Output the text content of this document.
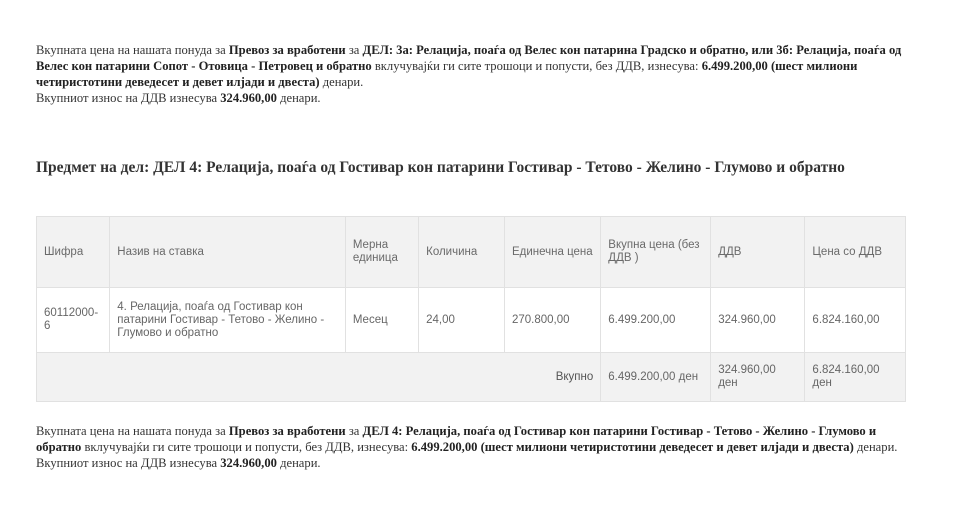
Вкупната цена на нашата понуда за Превоз за вработени за ДЕЛ: 3а: Релација, поаѓа од Велес кон патарина Градско и обратно, или 3б: Релација, поаѓа од Велес кон патарини Сопот - Отовица - Петровец и обратно вклучувајќи ги сите трошоци и попусти, без ДДВ, изнесува: 6.499.200,00 (шест милиони четиристотини деведесет и девет илјади и двеста) денари.
Вкупниот износ на ДДВ изнесува 324.960,00 денари.
Предмет на дел: ДЕЛ 4: Релација, поаѓа од Гостивар кон патарини Гостивар - Тетово - Желино - Глумово и обратно
Шифра	Назив на ставка	Мерна единица	Количина	Единечна цена	Вкупна цена (без ДДВ )	ДДВ	Цена со ДДВ
60112000-6	4. Релација, поаѓа од Гостивар кон патарини Гостивар - Тетово - Желино - Глумово и обратно	Месец	24,00	270.800,00	6.499.200,00	324.960,00	6.824.160,00
Вкупно					6.499.200,00 ден	324.960,00 ден	6.824.160,00 ден
Вкупната цена на нашата понуда за Превоз за вработени за ДЕЛ 4: Релација, поаѓа од Гостивар кон патарини Гостивар - Тетово - Желино - Глумово и обратно вклучувајќи ги сите трошоци и попусти, без ДДВ, изнесува: 6.499.200,00 (шест милиони четиристотини деведесет и девет илјади и двеста) денари.
Вкупниот износ на ДДВ изнесува 324.960,00 денари.
